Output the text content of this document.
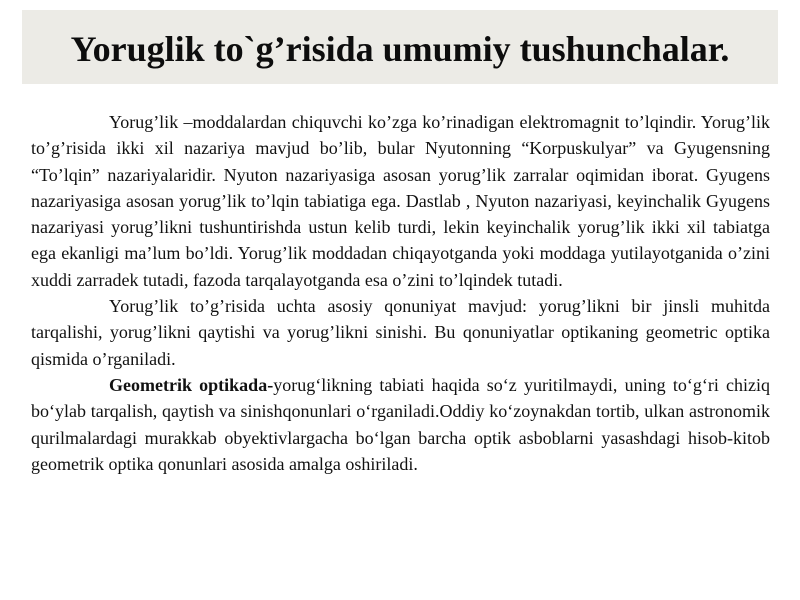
Yoruglik to`g’risida umumiy tushunchalar.

Yorug’lik –moddalardan chiquvchi ko’zga ko’rinadigan elektromagnit to’lqindir. Yorug’lik to’g’risida ikki xil nazariya mavjud bo’lib, bular Nyutonning “Korpuskulyar” va Gyugensning “To’lqin” nazariyalaridir. Nyuton nazariyasiga asosan yorug’lik zarralar oqimidan iborat. Gyugens nazariyasiga asosan yorug’lik to’lqin tabiatiga ega. Dastlab , Nyuton nazariyasi, keyinchalik Gyugens nazariyasi yorug’likni tushuntirishda ustun kelib turdi, lekin keyinchalik yorug’lik ikki xil tabiatga ega ekanligi ma’lum bo’ldi. Yorug’lik moddadan chiqayotganda yoki moddaga yutilayotganida o’zini xuddi zarradek tutadi, fazoda tarqalayotganda esa o’zini to’lqindek tutadi.

Yorug’lik to’g’risida uchta asosiy qonuniyat mavjud: yorug’likni bir jinsli muhitda tarqalishi, yorug’likni qaytishi va yorug’likni sinishi. Bu qonuniyatlar optikaning geometric optika qismida o’rganiladi.

Geometrik optikada-yorug‘likning tabiati haqida so‘z yuritilmaydi, uning to‘g‘ri chiziq bo‘ylab tarqalish, qaytish va sinishqonunlari o‘rganiladi.Oddiy ko‘zoynakdan tortib, ulkan astronomik qurilmalardagi murakkab obyektivlargacha bo‘lgan barcha optik asboblarni yasashdagi hisob-kitob geometrik optika qonunlari asosida amalga oshiriladi.
